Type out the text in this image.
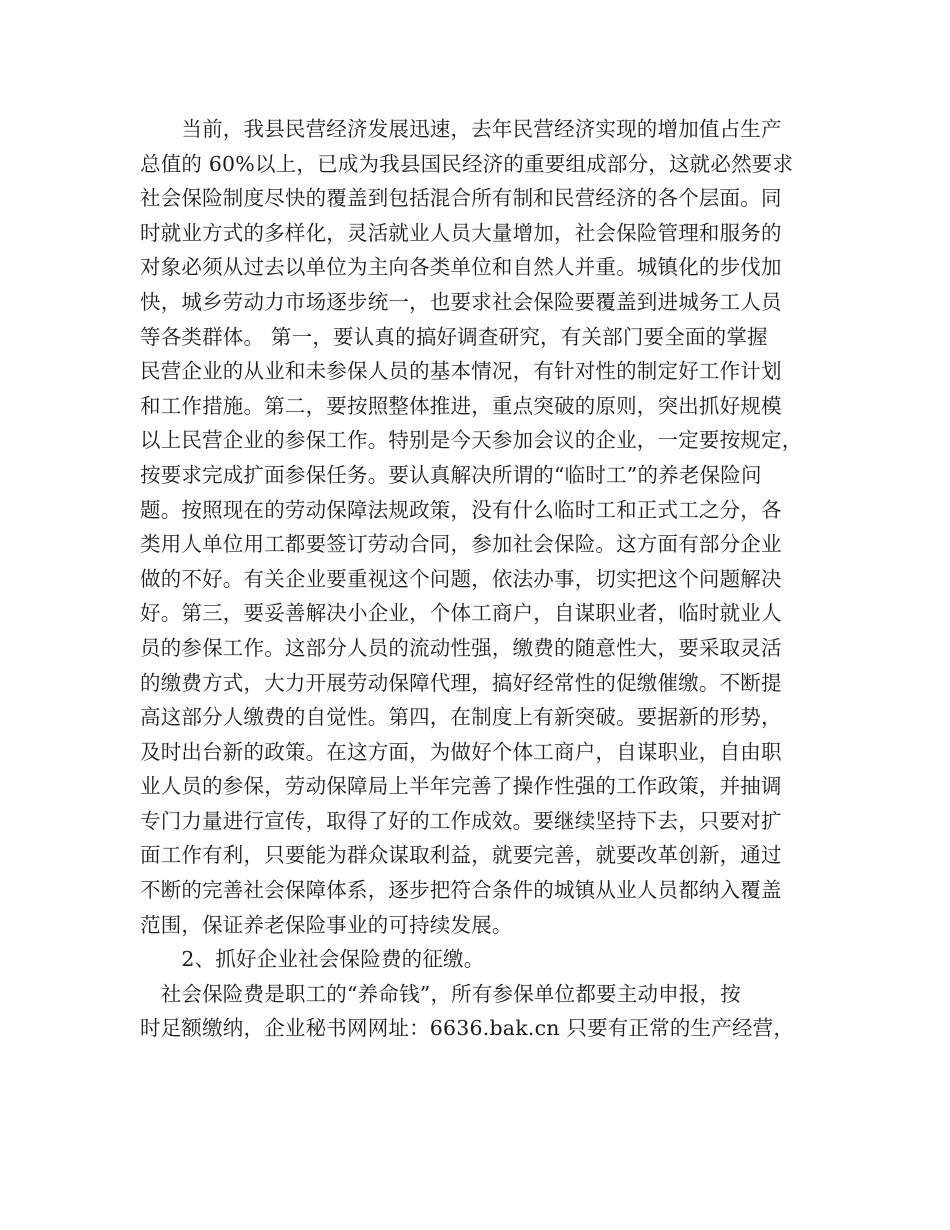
　　当前，我县民营经济发展迅速，去年民营经济实现的增加值占生产
总值的 60%以上，已成为我县国民经济的重要组成部分，这就必然要求
社会保险制度尽快的覆盖到包括混合所有制和民营经济的各个层面。同
时就业方式的多样化，灵活就业人员大量增加，社会保险管理和服务的
对象必须从过去以单位为主向各类单位和自然人并重。城镇化的步伐加
快，城乡劳动力市场逐步统一，也要求社会保险要覆盖到进城务工人员
等各类群体。 第一，要认真的搞好调查研究，有关部门要全面的掌握
民营企业的从业和未参保人员的基本情况，有针对性的制定好工作计划
和工作措施。第二，要按照整体推进，重点突破的原则，突出抓好规模
以上民营企业的参保工作。特别是今天参加会议的企业，一定要按规定，
按要求完成扩面参保任务。要认真解决所谓的“临时工”的养老保险问
题。按照现在的劳动保障法规政策，没有什么临时工和正式工之分，各
类用人单位用工都要签订劳动合同，参加社会保险。这方面有部分企业
做的不好。有关企业要重视这个问题，依法办事，切实把这个问题解决
好。第三，要妥善解决小企业，个体工商户，自谋职业者，临时就业人
员的参保工作。这部分人员的流动性强，缴费的随意性大，要采取灵活
的缴费方式，大力开展劳动保障代理，搞好经常性的促缴催缴。不断提
高这部分人缴费的自觉性。第四，在制度上有新突破。要据新的形势，
及时出台新的政策。在这方面，为做好个体工商户，自谋职业，自由职
业人员的参保，劳动保障局上半年完善了操作性强的工作政策，并抽调
专门力量进行宣传，取得了好的工作成效。要继续坚持下去，只要对扩
面工作有利，只要能为群众谋取利益，就要完善，就要改革创新，通过
不断的完善社会保障体系，逐步把符合条件的城镇从业人员都纳入覆盖
范围，保证养老保险事业的可持续发展。
　　2、抓好企业社会保险费的征缴。
　社会保险费是职工的“养命钱”，所有参保单位都要主动申报，按
时足额缴纳，企业秘书网网址：6636.bak.cn 只要有正常的生产经营，
